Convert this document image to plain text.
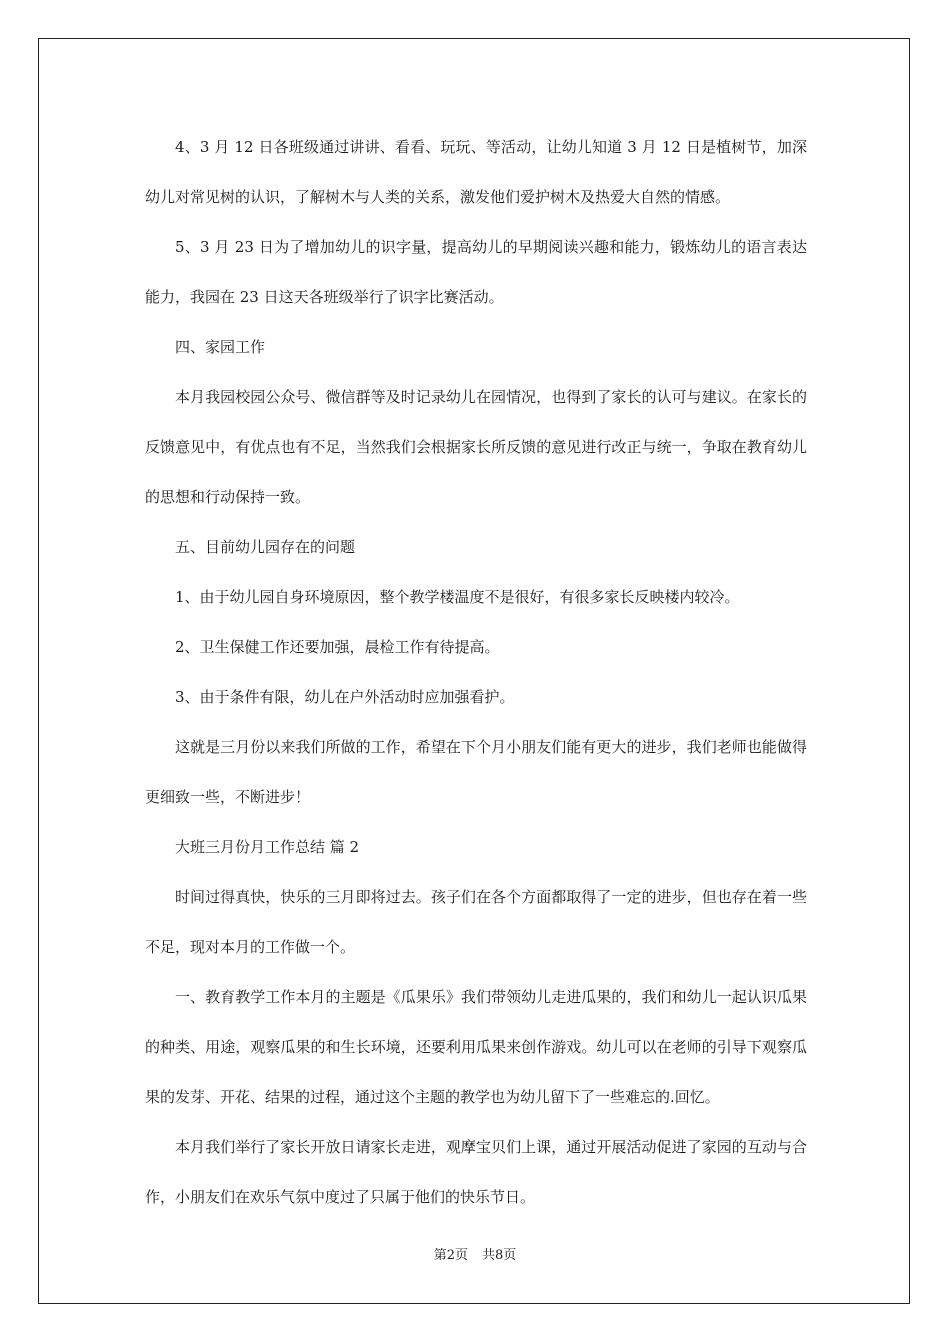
4、3 月 12 日各班级通过讲讲、看看、玩玩、等活动，让幼儿知道 3 月 12 日是植树节，加深幼儿对常见树的认识，了解树木与人类的关系，激发他们爱护树木及热爱大自然的情感。

5、3 月 23 日为了增加幼儿的识字量，提高幼儿的早期阅读兴趣和能力，锻炼幼儿的语言表达能力，我园在 23 日这天各班级举行了识字比赛活动。

四、家园工作

本月我园校园公众号、微信群等及时记录幼儿在园情况，也得到了家长的认可与建议。在家长的反馈意见中，有优点也有不足，当然我们会根据家长所反馈的意见进行改正与统一，争取在教育幼儿的思想和行动保持一致。

五、目前幼儿园存在的问题

1、由于幼儿园自身环境原因，整个教学楼温度不是很好，有很多家长反映楼内较冷。

2、卫生保健工作还要加强，晨检工作有待提高。

3、由于条件有限，幼儿在户外活动时应加强看护。

这就是三月份以来我们所做的工作，希望在下个月小朋友们能有更大的进步，我们老师也能做得更细致一些，不断进步！

大班三月份月工作总结 篇 2

时间过得真快，快乐的三月即将过去。孩子们在各个方面都取得了一定的进步，但也存在着一些不足，现对本月的工作做一个。

一、教育教学工作本月的主题是《瓜果乐》我们带领幼儿走进瓜果的，我们和幼儿一起认识瓜果的种类、用途，观察瓜果的和生长环境，还要利用瓜果来创作游戏。幼儿可以在老师的引导下观察瓜果的发芽、开花、结果的过程，通过这个主题的教学也为幼儿留下了一些难忘的.回忆。

本月我们举行了家长开放日请家长走进，观摩宝贝们上课，通过开展活动促进了家园的互动与合作，小朋友们在欢乐气氛中度过了只属于他们的快乐节日。

第2页 共8页
